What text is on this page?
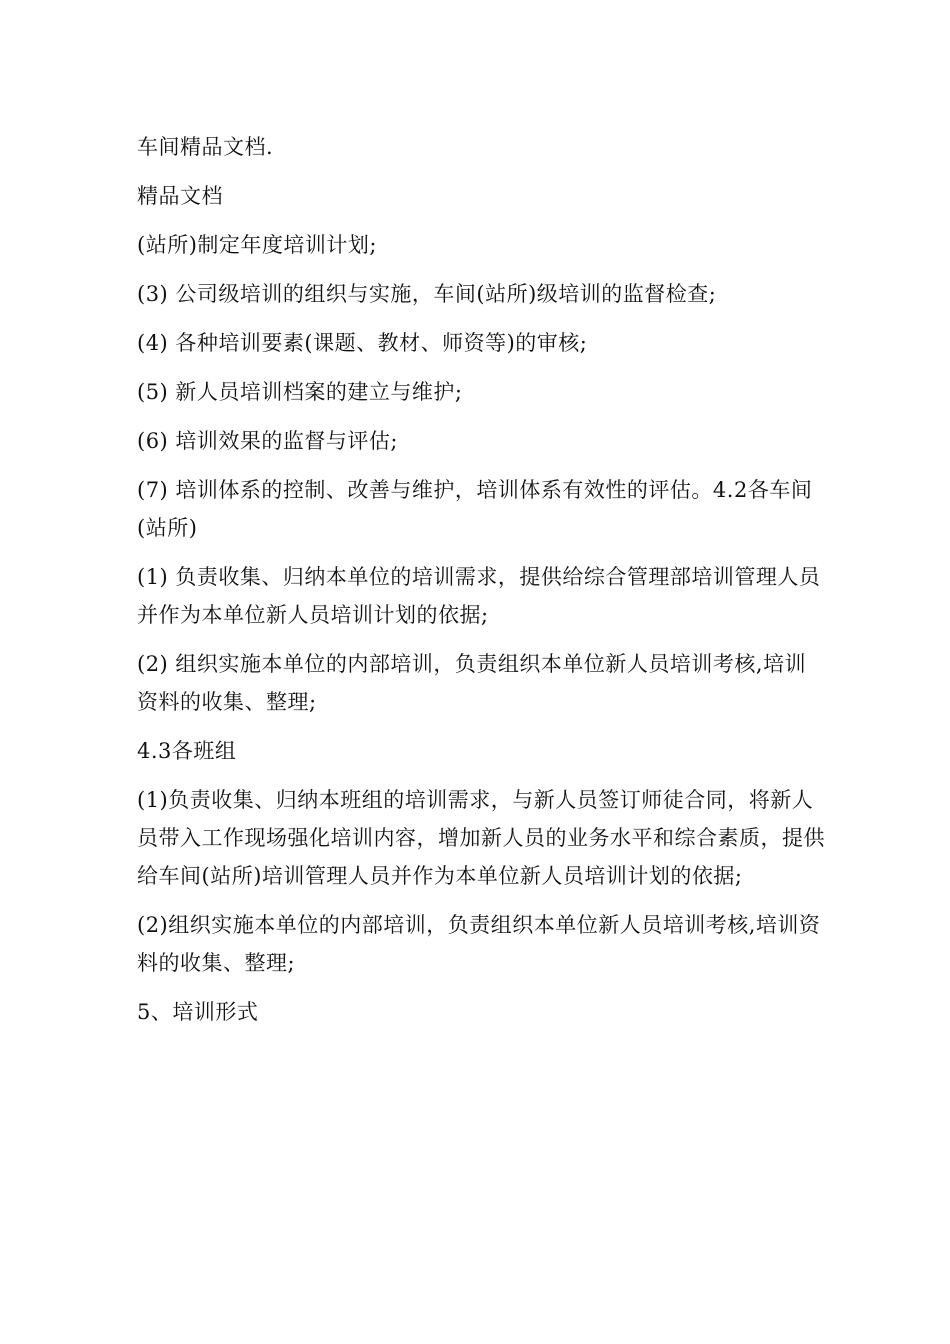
车间精品文档.

精品文档

(站所)制定年度培训计划;

(3) 公司级培训的组织与实施，车间(站所)级培训的监督检查;

(4) 各种培训要素(课题、教材、师资等)的审核;

(5) 新人员培训档案的建立与维护;

(6) 培训效果的监督与评估;

(7) 培训体系的控制、改善与维护，培训体系有效性的评估。4.2各车间(站所)

(1) 负责收集、归纳本单位的培训需求，提供给综合管理部培训管理人员并作为本单位新人员培训计划的依据;

(2) 组织实施本单位的内部培训，负责组织本单位新人员培训考核,培训资料的收集、整理;

4.3各班组

(1)负责收集、归纳本班组的培训需求，与新人员签订师徒合同，将新人员带入工作现场强化培训内容，增加新人员的业务水平和综合素质，提供给车间(站所)培训管理人员并作为本单位新人员培训计划的依据;

(2)组织实施本单位的内部培训，负责组织本单位新人员培训考核,培训资料的收集、整理;

5、培训形式
